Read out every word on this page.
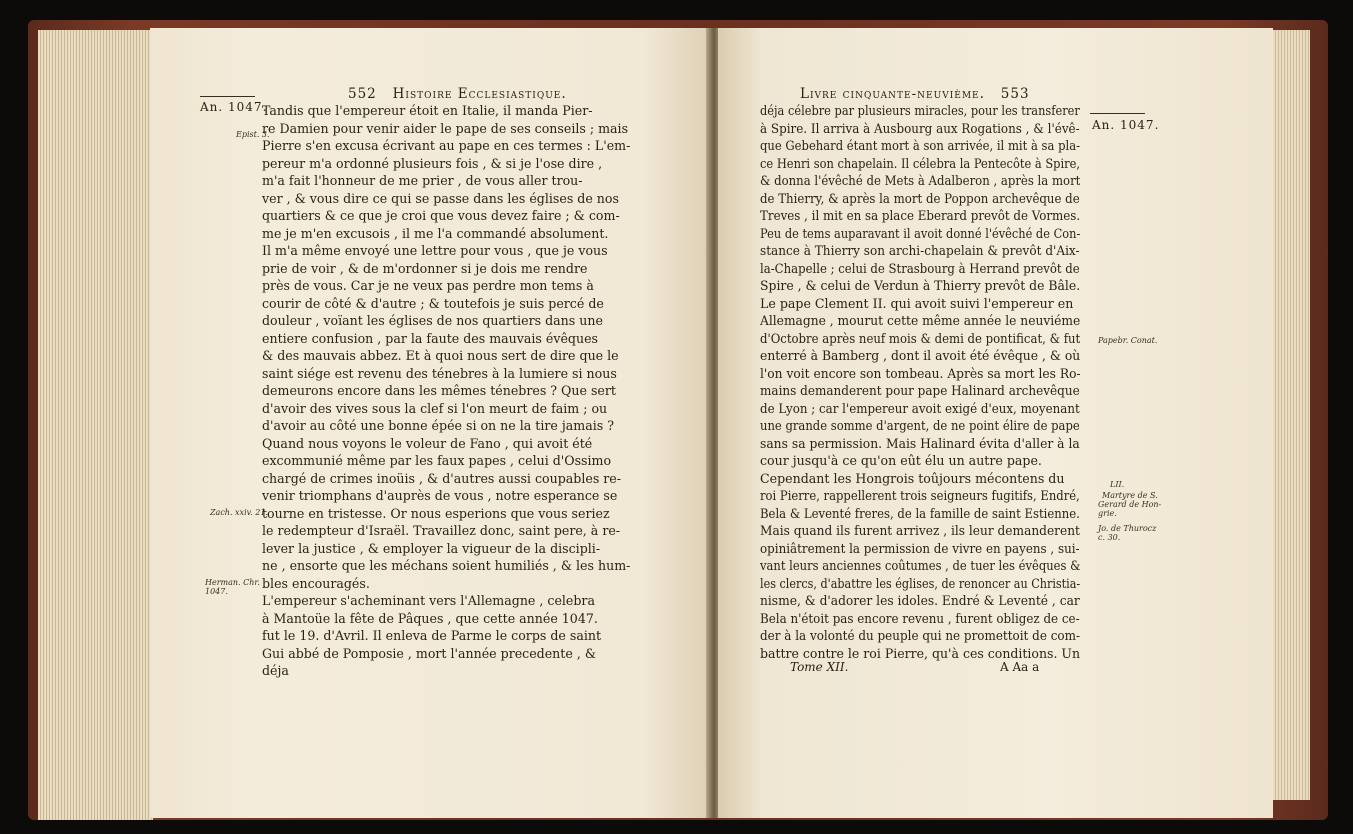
An. 1047.
552 Histoire Ecclesiastique.
Epist. 3.
Zach. xxiv. 21.
Herman. Chr. 1047.
Tandis que l'empereur étoit en Italie, il manda Pier-
re Damien pour venir aider le pape de ses conseils ; mais
Pierre s'en excusa écrivant au pape en ces termes : L'em-
pereur m'a ordonné plusieurs fois , & si je l'ose dire ,
m'a fait l'honneur de me prier , de vous aller trou-
ver , & vous dire ce qui se passe dans les églises de nos
quartiers & ce que je croi que vous devez faire ; & com-
me je m'en excusois , il me l'a commandé absolument.
Il m'a même envoyé une lettre pour vous , que je vous
prie de voir , & de m'ordonner si je dois me rendre
près de vous. Car je ne veux pas perdre mon tems à
courir de côté & d'autre ; & toutefois je suis percé de
douleur , voïant les églises de nos quartiers dans une
entiere confusion , par la faute des mauvais évêques
& des mauvais abbez. Et à quoi nous sert de dire que le
saint siége est revenu des ténebres à la lumiere si nous
demeurons encore dans les mêmes ténebres ? Que sert
d'avoir des vives sous la clef si l'on meurt de faim ; ou
d'avoir au côté une bonne épée si on ne la tire jamais ?
Quand nous voyons le voleur de Fano , qui avoit été
excommunié même par les faux papes , celui d'Ossimo
chargé de crimes inoüis , & d'autres aussi coupables re-
venir triomphans d'auprès de vous , notre esperance se
tourne en tristesse. Or nous esperions que vous seriez
le redempteur d'Israël. Travaillez donc, saint pere, à re-
lever la justice , & employer la vigueur de la discipli-
ne , ensorte que les méchans soient humiliés , & les hum-
bles encouragés.
L'empereur s'acheminant vers l'Allemagne , celebra
à Mantoüe la fête de Pâques , que cette année 1047.
fut le 19. d'Avril. Il enleva de Parme le corps de saint
Gui abbé de Pomposie , mort l'année precedente , &
déja
Livre cinquante-neuvième. 553
An. 1047.
Papebr. Conat.
LII.
Martyre de S.
Gerard de Hon-
grie.
Jo. de Thurocz
c. 30.
déja célebre par plusieurs miracles, pour les transferer
à Spire. Il arriva à Ausbourg aux Rogations , & l'évê-
que Gebehard étant mort à son arrivée, il mit à sa pla-
ce Henri son chapelain. Il célebra la Pentecôte à Spire,
& donna l'évêché de Mets à Adalberon , après la mort
de Thierry, & après la mort de Poppon archevêque de
Treves , il mit en sa place Eberard prevôt de Vormes.
Peu de tems auparavant il avoit donné l'évêché de Con-
stance à Thierry son archi-chapelain & prevôt d'Aix-
la-Chapelle ; celui de Strasbourg à Herrand prevôt de
Spire , & celui de Verdun à Thierry prevôt de Bâle.
Le pape Clement II. qui avoit suivi l'empereur en
Allemagne , mourut cette même année le neuviéme
d'Octobre après neuf mois & demi de pontificat, & fut
enterré à Bamberg , dont il avoit été évêque , & où
l'on voit encore son tombeau. Après sa mort les Ro-
mains demanderent pour pape Halinard archevêque
de Lyon ; car l'empereur avoit exigé d'eux, moyenant
une grande somme d'argent, de ne point élire de pape
sans sa permission. Mais Halinard évita d'aller à la
cour jusqu'à ce qu'on eût élu un autre pape.
Cependant les Hongrois toûjours mécontens du
roi Pierre, rappellerent trois seigneurs fugitifs, Endré,
Bela & Leventé freres, de la famille de saint Estienne.
Mais quand ils furent arrivez , ils leur demanderent
opiniâtrement la permission de vivre en payens , sui-
vant leurs anciennes coûtumes , de tuer les évêques &
les clercs, d'abattre les églises, de renoncer au Christia-
nisme, & d'adorer les idoles. Endré & Leventé , car
Bela n'étoit pas encore revenu , furent obligez de ce-
der à la volonté du peuple qui ne promettoit de com-
battre contre le roi Pierre, qu'à ces conditions. Un
Tome XII.	A Aa a
